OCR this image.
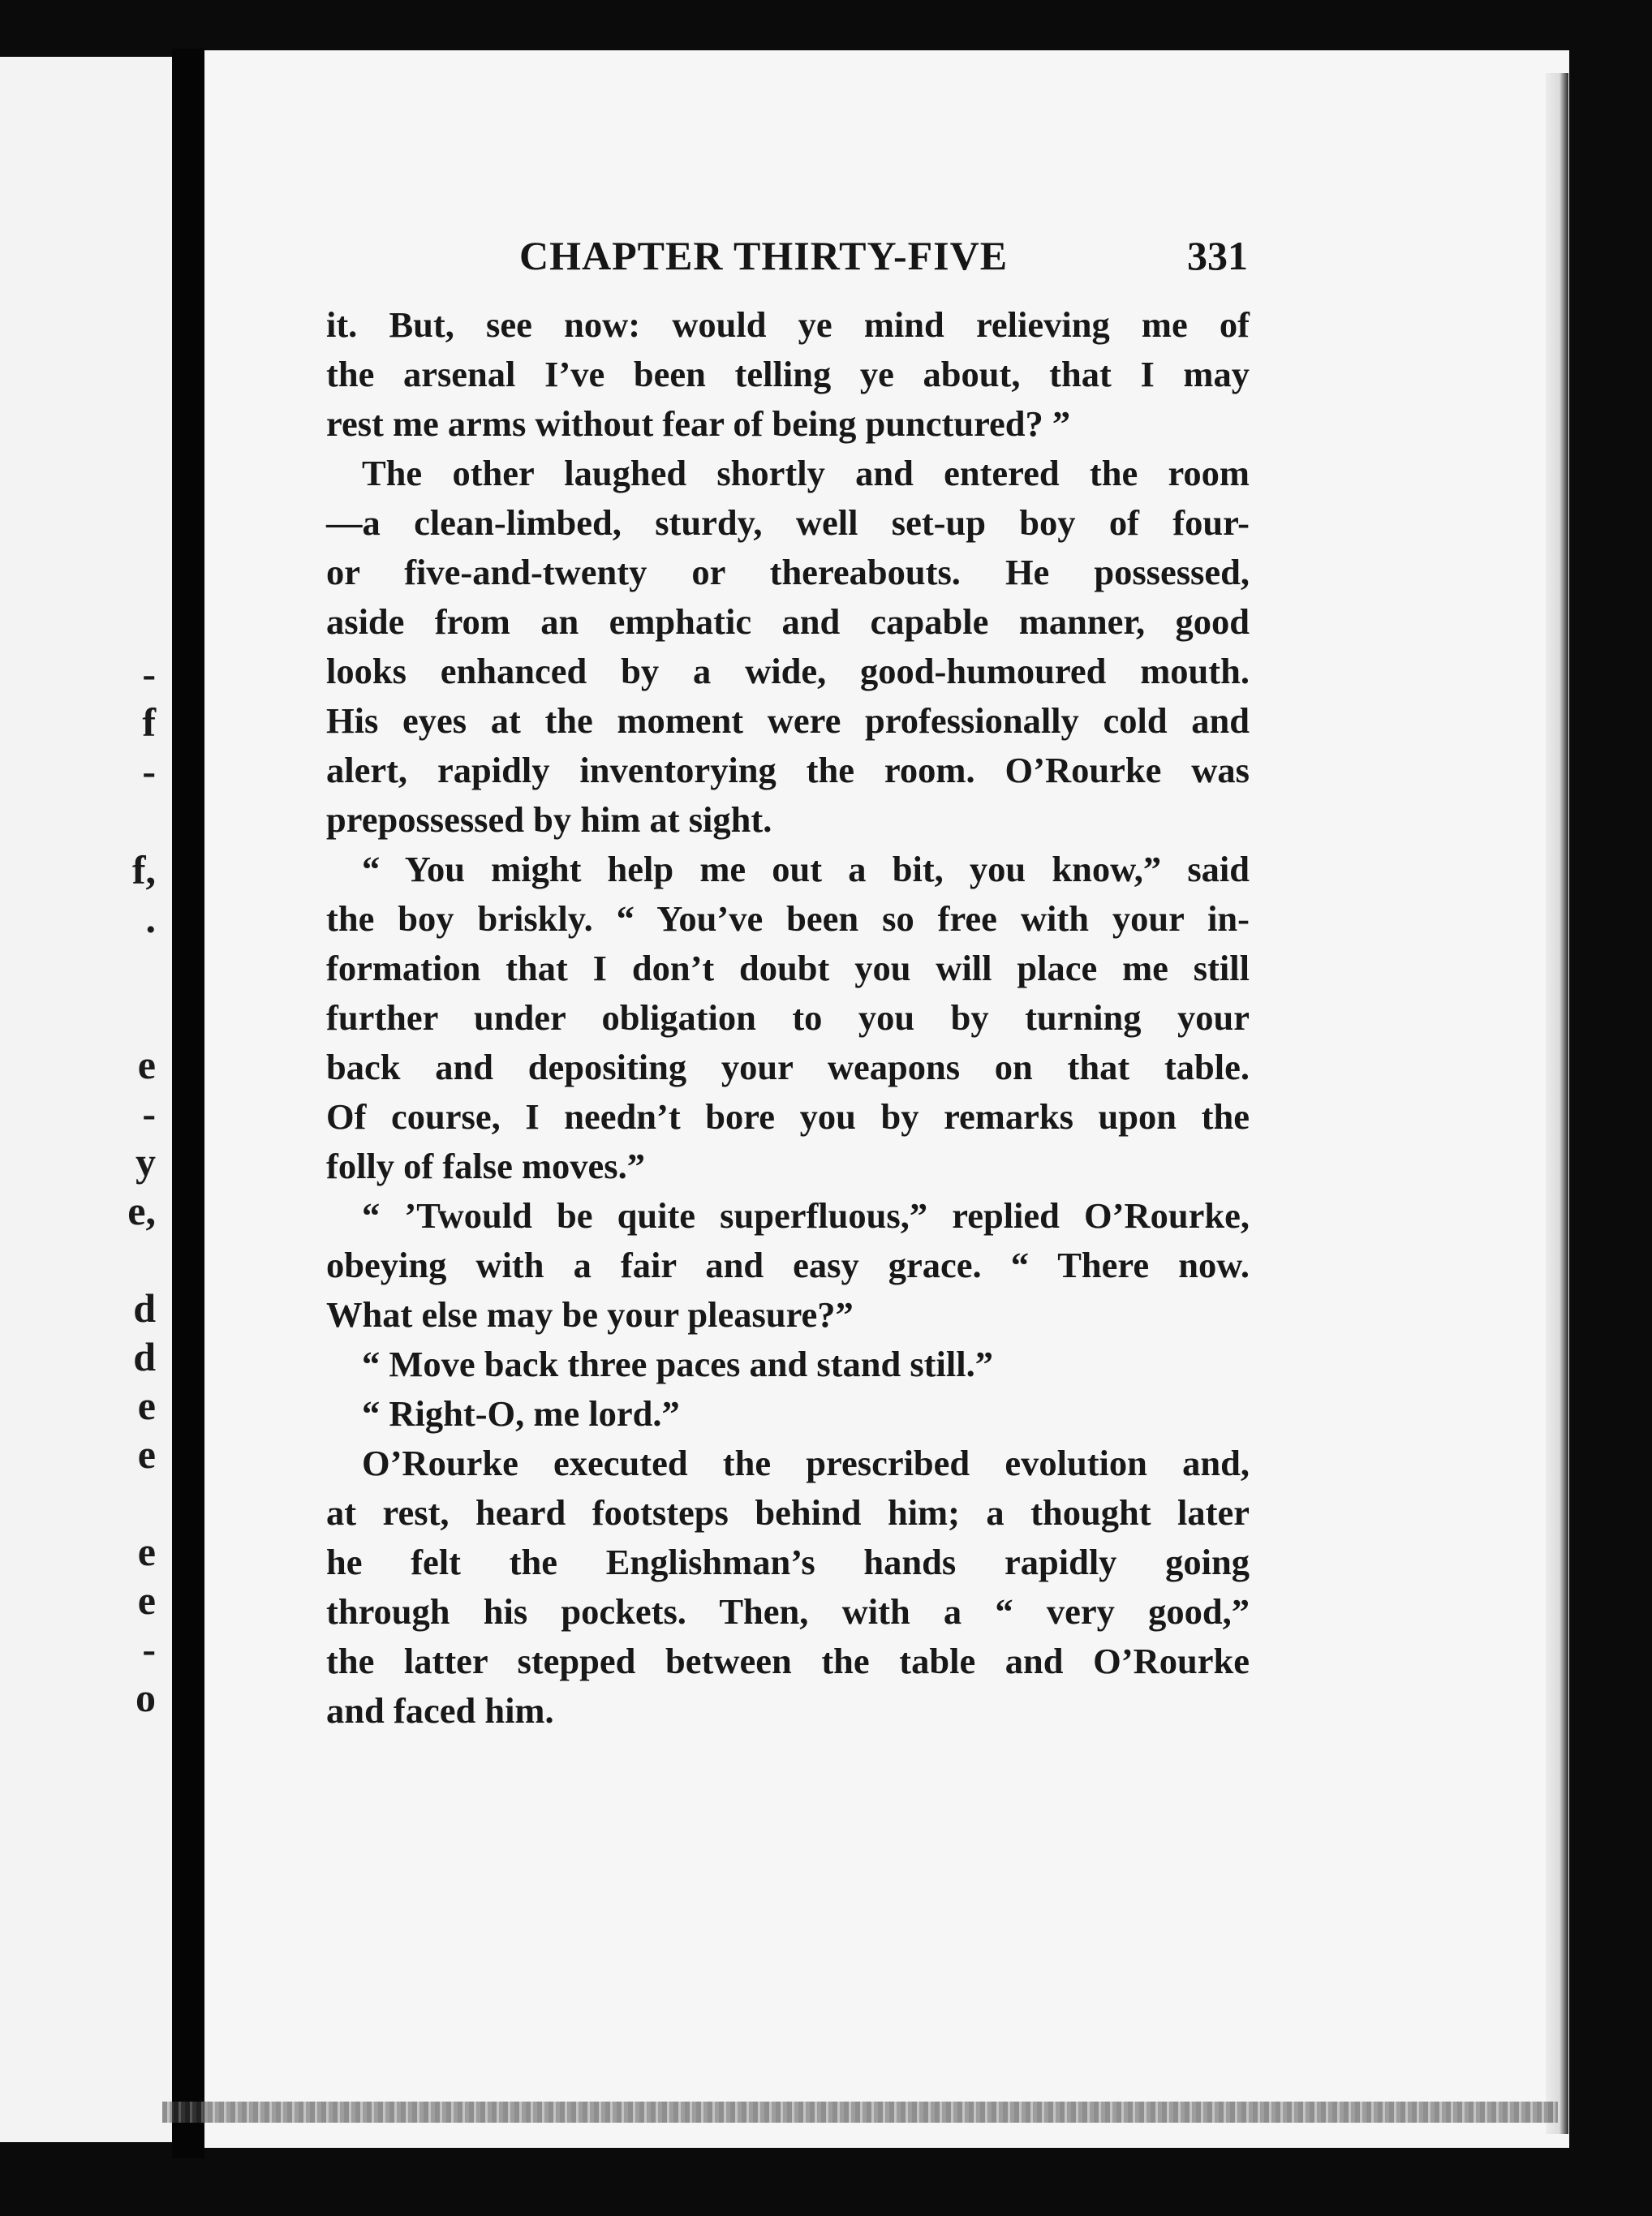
-
f
-
f,
.
e
-
y
e,
d
d
e
e
e
e
-
o
CHAPTER THIRTY-FIVE	331
it. But, see now: would ye mind relieving me of
the arsenal I’ve been telling ye about, that I may
rest me arms without fear of being punctured? ”
The other laughed shortly and entered the room
—a clean-limbed, sturdy, well set-up boy of four-
or five-and-twenty or thereabouts. He possessed,
aside from an emphatic and capable manner, good
looks enhanced by a wide, good-humoured mouth.
His eyes at the moment were professionally cold and
alert, rapidly inventorying the room. O’Rourke was
prepossessed by him at sight.
“ You might help me out a bit, you know,” said
the boy briskly. “ You’ve been so free with your in-
formation that I don’t doubt you will place me still
further under obligation to you by turning your
back and depositing your weapons on that table.
Of course, I needn’t bore you by remarks upon the
folly of false moves.”
“ ’Twould be quite superfluous,” replied O’Rourke,
obeying with a fair and easy grace. “ There now.
What else may be your pleasure?”
“ Move back three paces and stand still.”
“ Right-O, me lord.”
O’Rourke executed the prescribed evolution and,
at rest, heard footsteps behind him; a thought later
he felt the Englishman’s hands rapidly going
through his pockets. Then, with a “ very good,”
the latter stepped between the table and O’Rourke
and faced him.
